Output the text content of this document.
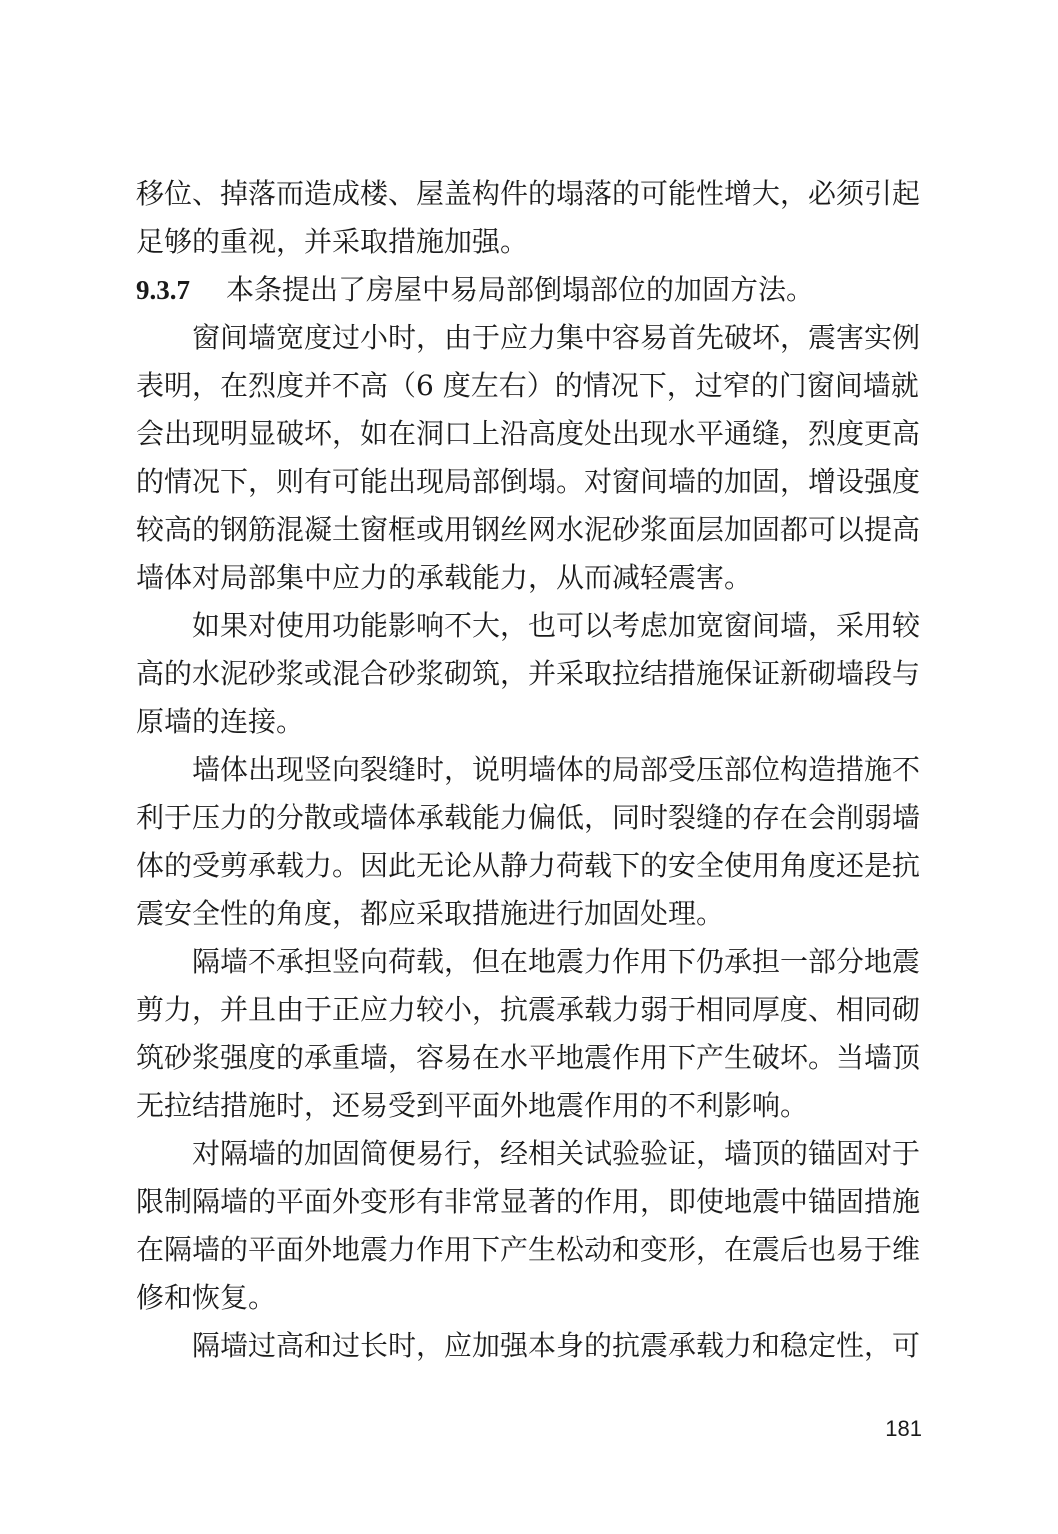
移位、掉落而造成楼、屋盖构件的塌落的可能性增大，必须引起
足够的重视，并采取措施加强。
9.3.7 本条提出了房屋中易局部倒塌部位的加固方法。
窗间墙宽度过小时，由于应力集中容易首先破坏，震害实例
表明，在烈度并不高（6 度左右）的情况下，过窄的门窗间墙就
会出现明显破坏，如在洞口上沿高度处出现水平通缝，烈度更高
的情况下，则有可能出现局部倒塌。对窗间墙的加固，增设强度
较高的钢筋混凝土窗框或用钢丝网水泥砂浆面层加固都可以提高
墙体对局部集中应力的承载能力，从而减轻震害。
如果对使用功能影响不大，也可以考虑加宽窗间墙，采用较
高的水泥砂浆或混合砂浆砌筑，并采取拉结措施保证新砌墙段与
原墙的连接。
墙体出现竖向裂缝时，说明墙体的局部受压部位构造措施不
利于压力的分散或墙体承载能力偏低，同时裂缝的存在会削弱墙
体的受剪承载力。因此无论从静力荷载下的安全使用角度还是抗
震安全性的角度，都应采取措施进行加固处理。
隔墙不承担竖向荷载，但在地震力作用下仍承担一部分地震
剪力，并且由于正应力较小，抗震承载力弱于相同厚度、相同砌
筑砂浆强度的承重墙，容易在水平地震作用下产生破坏。当墙顶
无拉结措施时，还易受到平面外地震作用的不利影响。
对隔墙的加固简便易行，经相关试验验证，墙顶的锚固对于
限制隔墙的平面外变形有非常显著的作用，即使地震中锚固措施
在隔墙的平面外地震力作用下产生松动和变形，在震后也易于维
修和恢复。
隔墙过高和过长时，应加强本身的抗震承载力和稳定性，可
181
